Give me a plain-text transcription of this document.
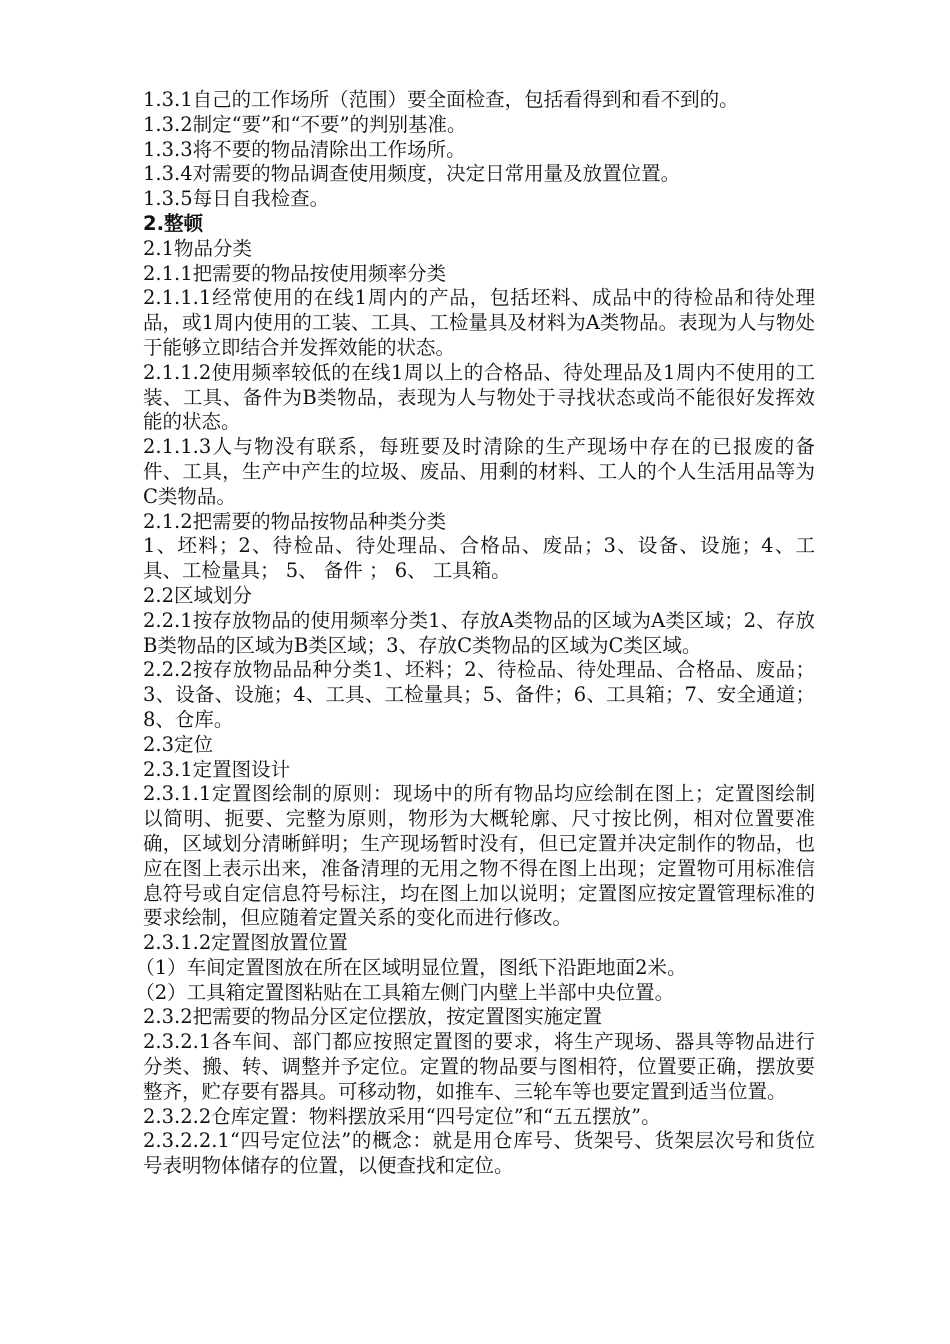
1.3.1自己的工作场所（范围）要全面检查，包括看得到和看不到的。

1.3.2制定“要”和“不要”的判别基准。

1.3.3将不要的物品清除出工作场所。

1.3.4对需要的物品调查使用频度，决定日常用量及放置位置。

1.3.5每日自我检查。

2.整顿

2.1物品分类

2.1.1把需要的物品按使用频率分类

2.1.1.1经常使用的在线1周内的产品，包括坯料、成品中的待检品和待处理品，或1周内使用的工装、工具、工检量具及材料为A类物品。表现为人与物处于能够立即结合并发挥效能的状态。

2.1.1.2使用频率较低的在线1周以上的合格品、待处理品及1周内不使用的工装、工具、备件为B类物品，表现为人与物处于寻找状态或尚不能很好发挥效能的状态。

2.1.1.3人与物没有联系，每班要及时清除的生产现场中存在的已报废的备件、工具，生产中产生的垃圾、废品、用剩的材料、工人的个人生活用品等为C类物品。

2.1.2把需要的物品按物品种类分类

1、坯料；2、待检品、待处理品、合格品、废品；3、设备、设施；4、工具、工检量具； 5、 备件 ； 6、 工具箱。

2.2区域划分

2.2.1按存放物品的使用频率分类1、存放A类物品的区域为A类区域；2、存放B类物品的区域为B类区域；3、存放C类物品的区域为C类区域。

2.2.2按存放物品品种分类1、坯料；2、待检品、待处理品、合格品、废品；3、设备、设施；4、工具、工检量具；5、备件；6、工具箱；7、安全通道；8、仓库。

2.3定位

2.3.1定置图设计

2.3.1.1定置图绘制的原则：现场中的所有物品均应绘制在图上；定置图绘制以简明、扼要、完整为原则，物形为大概轮廓、尺寸按比例，相对位置要准确，区域划分清晰鲜明；生产现场暂时没有，但已定置并决定制作的物品，也应在图上表示出来，准备清理的无用之物不得在图上出现；定置物可用标准信息符号或自定信息符号标注，均在图上加以说明；定置图应按定置管理标准的要求绘制，但应随着定置关系的变化而进行修改。

2.3.1.2定置图放置位置

（1）车间定置图放在所在区域明显位置，图纸下沿距地面2米。

（2）工具箱定置图粘贴在工具箱左侧门内壁上半部中央位置。

2.3.2把需要的物品分区定位摆放，按定置图实施定置

2.3.2.1各车间、部门都应按照定置图的要求，将生产现场、器具等物品进行分类、搬、转、调整并予定位。定置的物品要与图相符，位置要正确，摆放要整齐，贮存要有器具。可移动物，如推车、三轮车等也要定置到适当位置。

2.3.2.2仓库定置：物料摆放采用“四号定位”和“五五摆放”。

2.3.2.2.1“四号定位法”的概念：就是用仓库号、货架号、货架层次号和货位号表明物体储存的位置，以便查找和定位。
